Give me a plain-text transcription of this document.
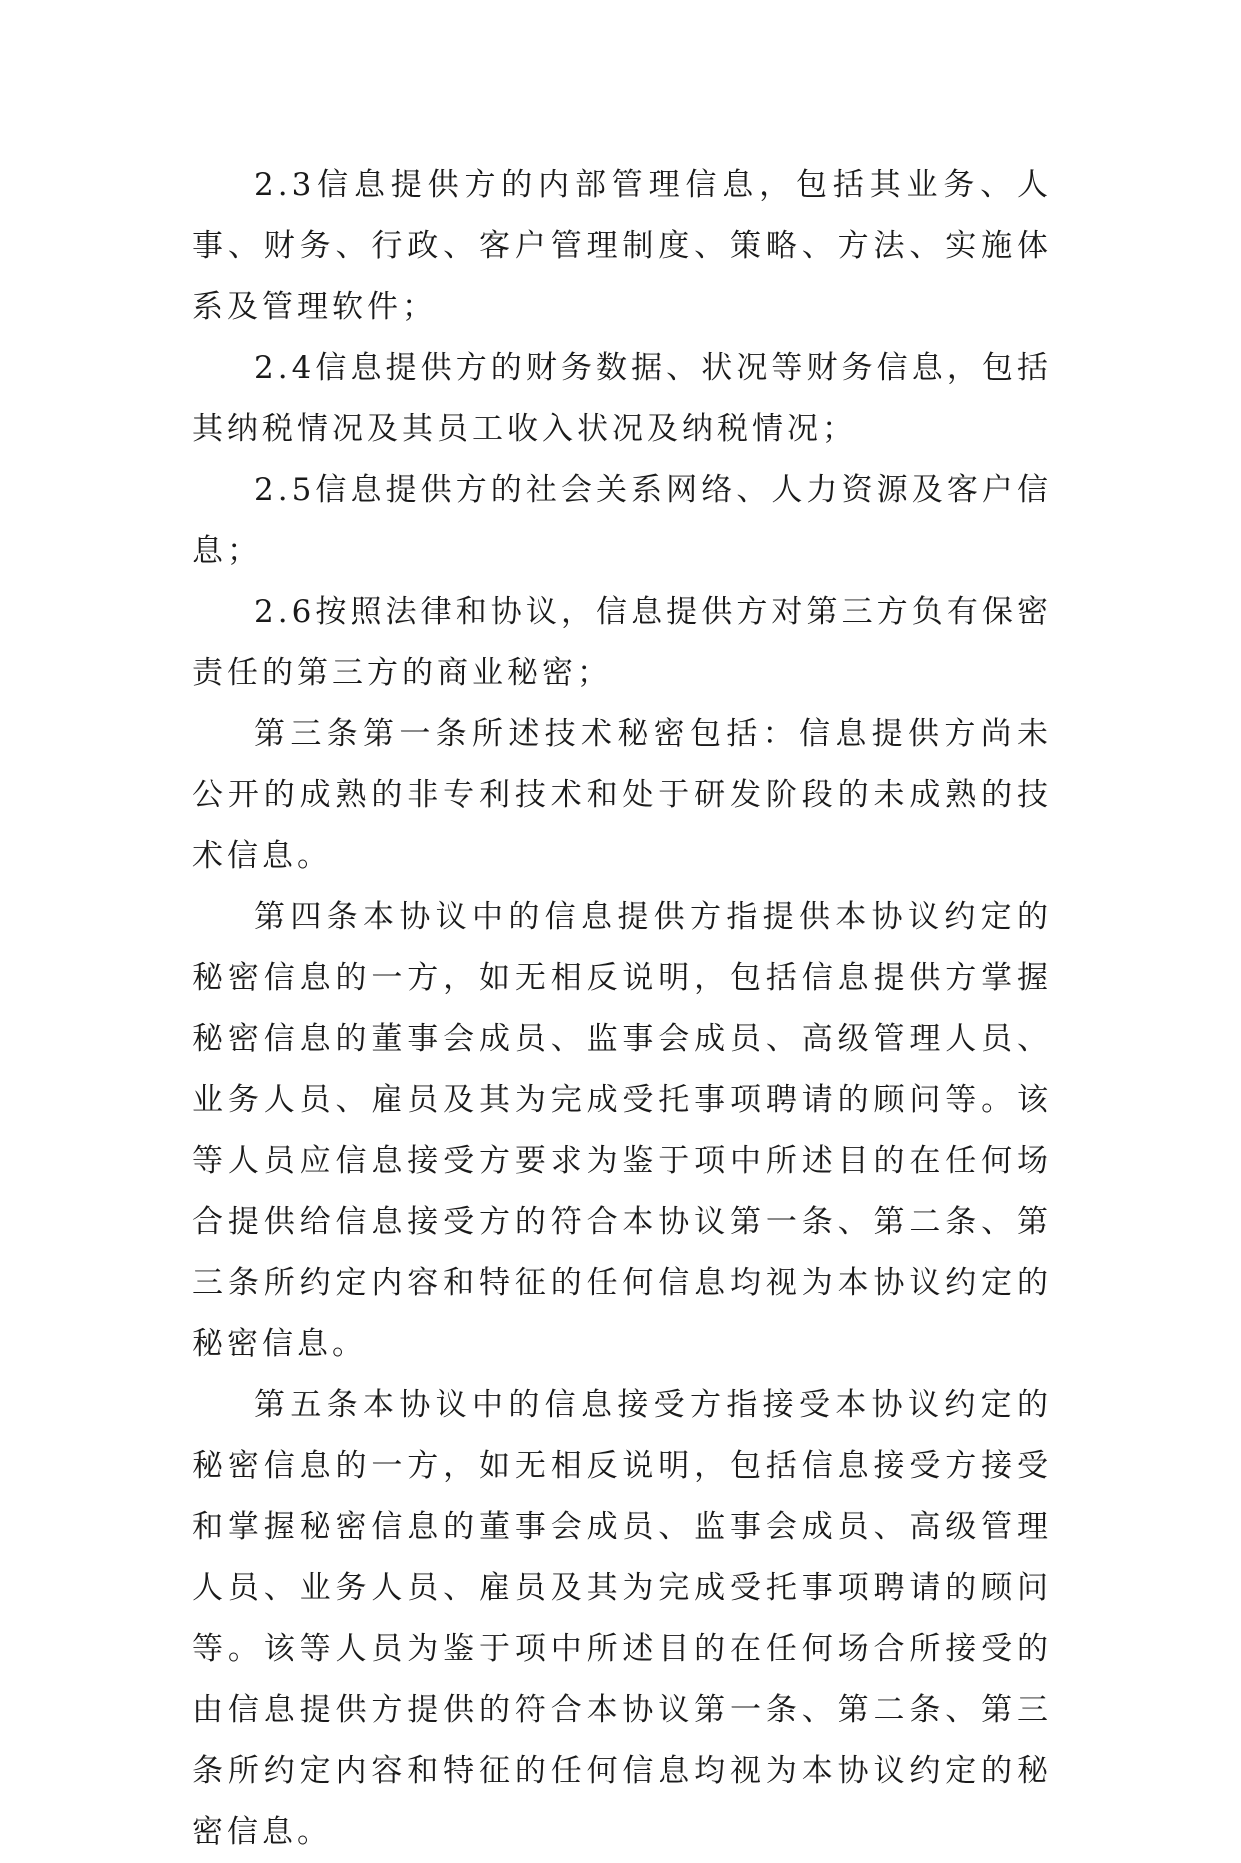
2.3信息提供方的内部管理信息，包括其业务、人事、财务、行政、客户管理制度、策略、方法、实施体系及管理软件；

2.4信息提供方的财务数据、状况等财务信息，包括其纳税情况及其员工收入状况及纳税情况；

2.5信息提供方的社会关系网络、人力资源及客户信息；

2.6按照法律和协议，信息提供方对第三方负有保密责任的第三方的商业秘密；

第三条第一条所述技术秘密包括：信息提供方尚未公开的成熟的非专利技术和处于研发阶段的未成熟的技术信息。

第四条本协议中的信息提供方指提供本协议约定的秘密信息的一方，如无相反说明，包括信息提供方掌握秘密信息的董事会成员、监事会成员、高级管理人员、业务人员、雇员及其为完成受托事项聘请的顾问等。该等人员应信息接受方要求为鉴于项中所述目的在任何场合提供给信息接受方的符合本协议第一条、第二条、第三条所约定内容和特征的任何信息均视为本协议约定的秘密信息。

第五条本协议中的信息接受方指接受本协议约定的秘密信息的一方，如无相反说明，包括信息接受方接受和掌握秘密信息的董事会成员、监事会成员、高级管理人员、业务人员、雇员及其为完成受托事项聘请的顾问等。该等人员为鉴于项中所述目的在任何场合所接受的由信息提供方提供的符合本协议第一条、第二条、第三条所约定内容和特征的任何信息均视为本协议约定的秘密信息。
